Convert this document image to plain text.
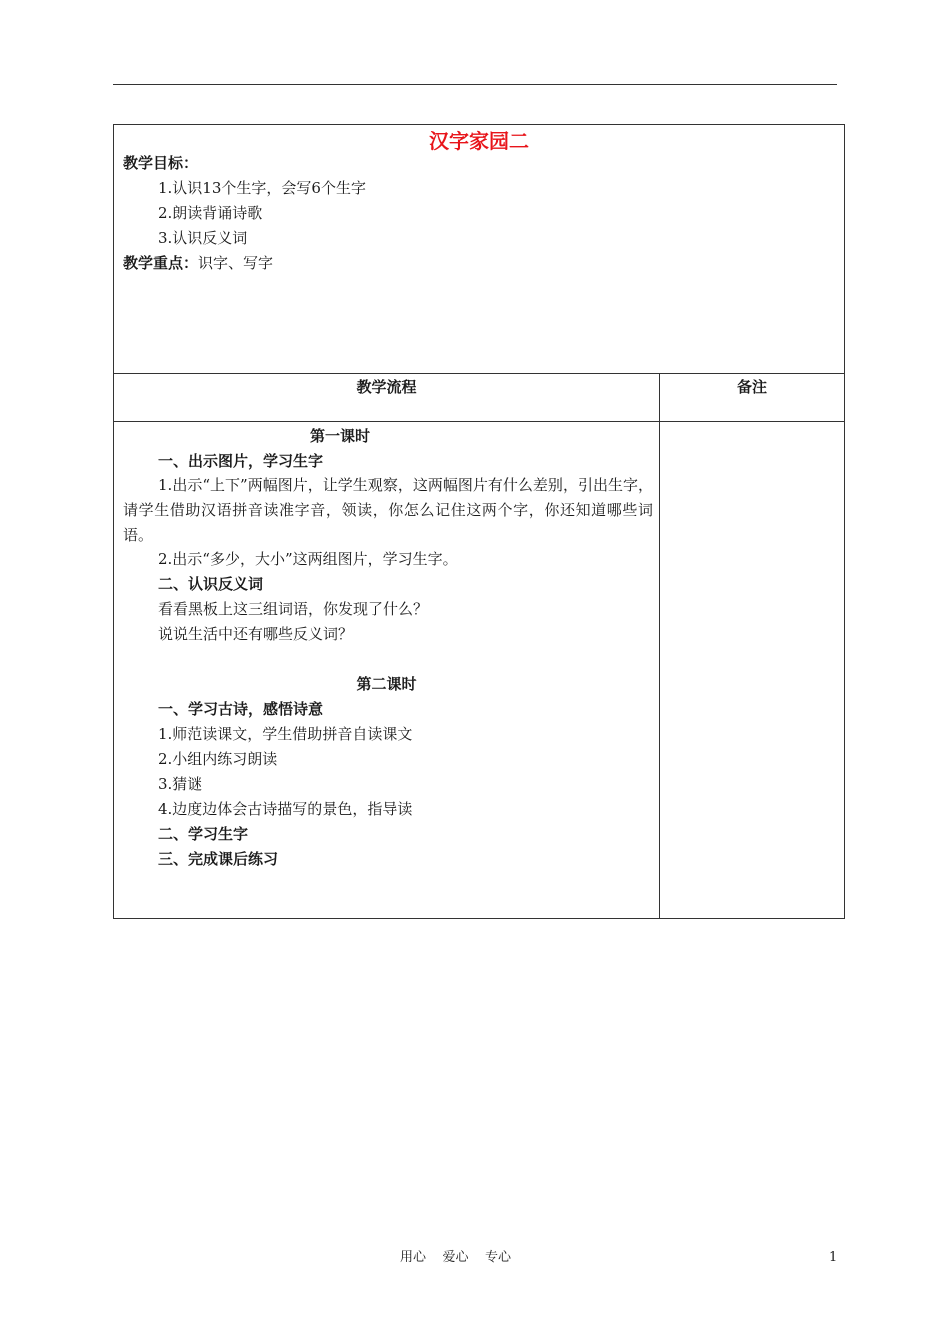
汉字家园二
教学目标：
1.认识13个生字，会写6个生字
2.朗读背诵诗歌
3.认识反义词
教学重点：识字、写字
教学流程	备注
第一课时
一、出示图片，学习生字
1.出示“上下”两幅图片，让学生观察，这两幅图片有什么差别，引出生字，请学生借助汉语拼音读准字音，领读，你怎么记住这两个字，你还知道哪些词语。
2.出示“多少，大小”这两组图片，学习生字。
二、认识反义词
看看黑板上这三组词语，你发现了什么？
说说生活中还有哪些反义词？
第二课时
一、学习古诗，感悟诗意
1.师范读课文，学生借助拼音自读课文
2.小组内练习朗读
3.猜谜
4.边度边体会古诗描写的景色，指导读
二、学习生字
三、完成课后练习
用心    爱心    专心	1
